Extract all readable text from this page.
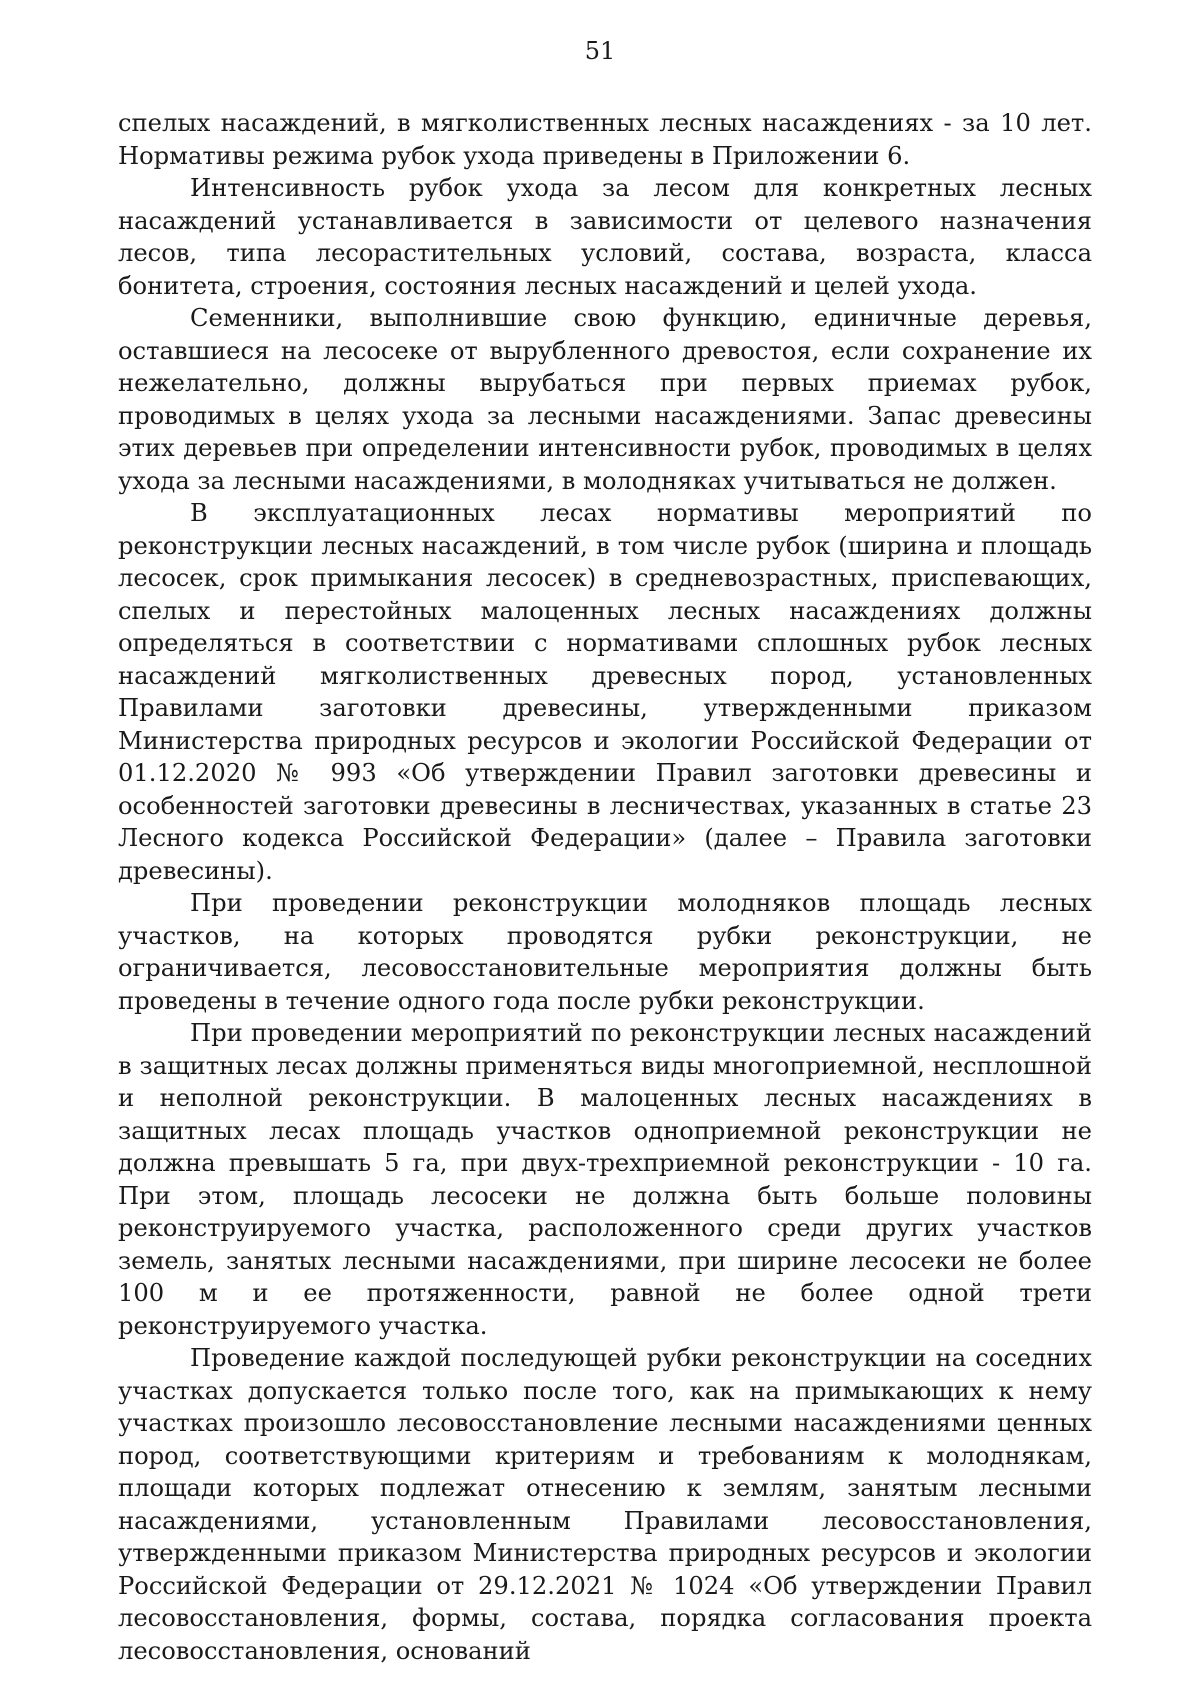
51

спелых насаждений, в мягколиственных лесных насаждениях - за 10 лет. Нормативы режима рубок ухода приведены в Приложении 6.

Интенсивность рубок ухода за лесом для конкретных лесных насаждений устанавливается в зависимости от целевого назначения лесов, типа лесорастительных условий, состава, возраста, класса бонитета, строения, состояния лесных насаждений и целей ухода.

Семенники, выполнившие свою функцию, единичные деревья, оставшиеся на лесосеке от вырубленного древостоя, если сохранение их нежелательно, должны вырубаться при первых приемах рубок, проводимых в целях ухода за лесными насаждениями. Запас древесины этих деревьев при определении интенсивности рубок, проводимых в целях ухода за лесными насаждениями, в молодняках учитываться не должен.

В эксплуатационных лесах нормативы мероприятий по реконструкции лесных насаждений, в том числе рубок (ширина и площадь лесосек, срок примыкания лесосек) в средневозрастных, приспевающих, спелых и перестойных малоценных лесных насаждениях должны определяться в соответствии с нормативами сплошных рубок лесных насаждений мягколиственных древесных пород, установленных Правилами заготовки древесины, утвержденными приказом Министерства природных ресурсов и экологии Российской Федерации от 01.12.2020 № 993 «Об утверждении Правил заготовки древесины и особенностей заготовки древесины в лесничествах, указанных в статье 23 Лесного кодекса Российской Федерации» (далее – Правила заготовки древесины).

При проведении реконструкции молодняков площадь лесных участков, на которых проводятся рубки реконструкции, не ограничивается, лесовосстановительные мероприятия должны быть проведены в течение одного года после рубки реконструкции.

При проведении мероприятий по реконструкции лесных насаждений в защитных лесах должны применяться виды многоприемной, несплошной и неполной реконструкции. В малоценных лесных насаждениях в защитных лесах площадь участков одноприемной реконструкции не должна превышать 5 га, при двух-трехприемной реконструкции - 10 га. При этом, площадь лесосеки не должна быть больше половины реконструируемого участка, расположенного среди других участков земель, занятых лесными насаждениями, при ширине лесосеки не более 100 м и ее протяженности, равной не более одной трети реконструируемого участка.

Проведение каждой последующей рубки реконструкции на соседних участках допускается только после того, как на примыкающих к нему участках произошло лесовосстановление лесными насаждениями ценных пород, соответствующими критериям и требованиям к молоднякам, площади которых подлежат отнесению к землям, занятым лесными насаждениями, установленным Правилами лесовосстановления, утвержденными приказом Министерства природных ресурсов и экологии Российской Федерации от 29.12.2021 № 1024 «Об утверждении Правил лесовосстановления, формы, состава, порядка согласования проекта лесовосстановления, оснований
